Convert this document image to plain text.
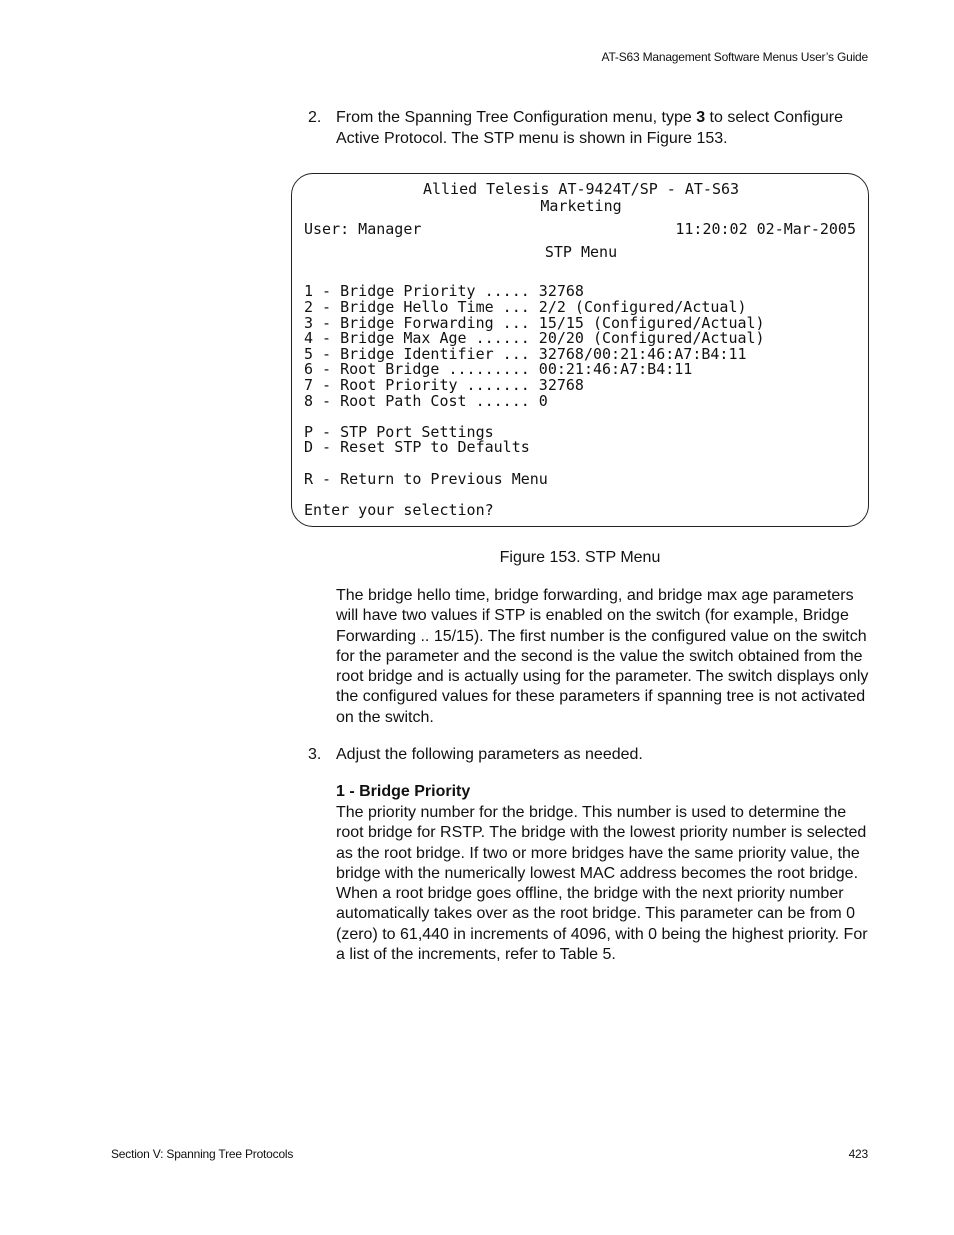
AT-S63 Management Software Menus User’s Guide
2. From the Spanning Tree Configuration menu, type 3 to select Configure Active Protocol. The STP menu is shown in Figure 153.
Allied Telesis AT-9424T/SP - AT-S63
Marketing
User: Manager	11:20:02 02-Mar-2005
STP Menu
1 - Bridge Priority ..... 32768
2 - Bridge Hello Time ... 2/2 (Configured/Actual)
3 - Bridge Forwarding ... 15/15 (Configured/Actual)
4 - Bridge Max Age ...... 20/20 (Configured/Actual)
5 - Bridge Identifier ... 32768/00:21:46:A7:B4:11
6 - Root Bridge ......... 00:21:46:A7:B4:11
7 - Root Priority ....... 32768
8 - Root Path Cost ...... 0
P - STP Port Settings
D - Reset STP to Defaults
R - Return to Previous Menu
Enter your selection?
Figure 153. STP Menu
The bridge hello time, bridge forwarding, and bridge max age parameters will have two values if STP is enabled on the switch (for example, Bridge Forwarding .. 15/15). The first number is the configured value on the switch for the parameter and the second is the value the switch obtained from the root bridge and is actually using for the parameter. The switch displays only the configured values for these parameters if spanning tree is not activated on the switch.
3. Adjust the following parameters as needed.
1 - Bridge Priority
The priority number for the bridge. This number is used to determine the root bridge for RSTP. The bridge with the lowest priority number is selected as the root bridge. If two or more bridges have the same priority value, the bridge with the numerically lowest MAC address becomes the root bridge. When a root bridge goes offline, the bridge with the next priority number automatically takes over as the root bridge. This parameter can be from 0 (zero) to 61,440 in increments of 4096, with 0 being the highest priority. For a list of the increments, refer to Table 5.
Section V: Spanning Tree Protocols	423
